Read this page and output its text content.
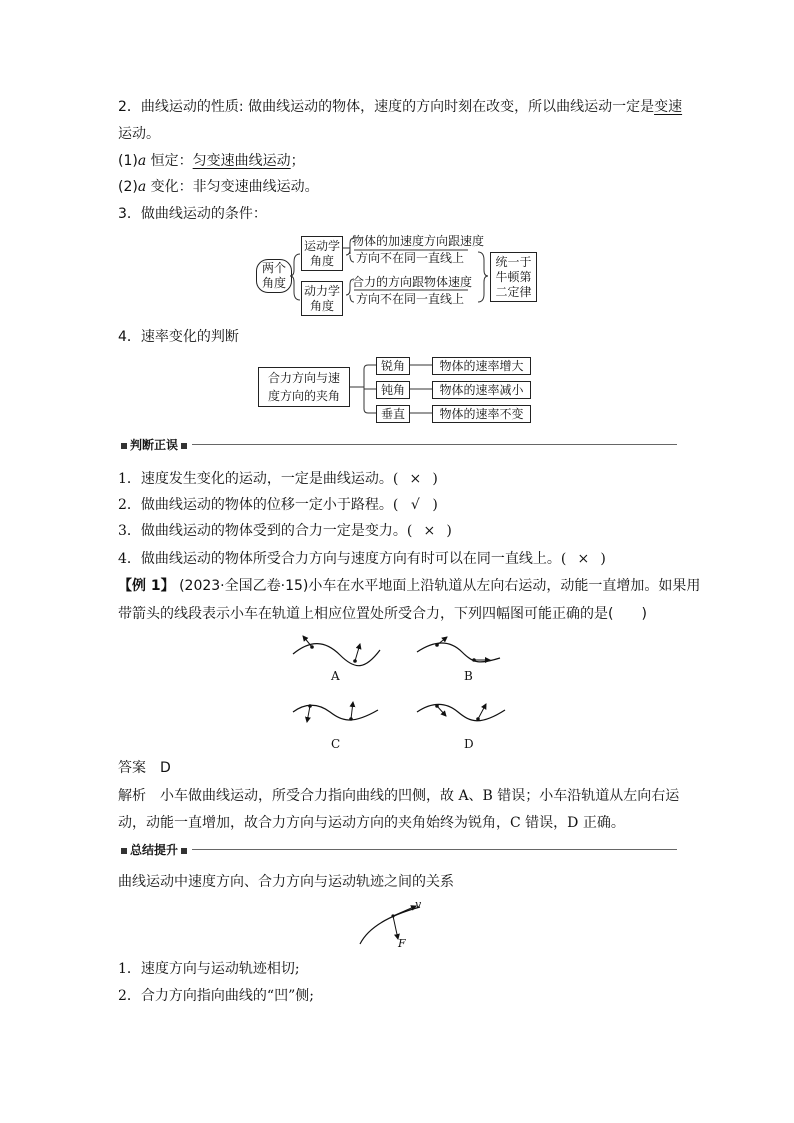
2．曲线运动的性质: 做曲线运动的物体，速度的方向时刻在改变，所以曲线运动一定是变速
运动。
(1)a 恒定：匀变速曲线运动；
(2)a 变化：非匀变速曲线运动。
3．做曲线运动的条件：
两个角度
运动学角度
物体的加速度方向跟速度
方向不在同一直线上
动力学角度
合力的方向跟物体速度
方向不在同一直线上
统一于牛顿第二定律
4．速率变化的判断
合力方向与速度方向的夹角
锐角	物体的速率增大
钝角	物体的速率减小
垂直	物体的速率不变
判断正误
1．速度发生变化的运动，一定是曲线运动。( × )
2．做曲线运动的物体的位移一定小于路程。( √ )
3．做曲线运动的物体受到的合力一定是变力。( × )
4．做曲线运动的物体所受合力方向与速度方向有时可以在同一直线上。( × )
【例 1】 (2023·全国乙卷·15)小车在水平地面上沿轨道从左向右运动，动能一直增加。如果用
带箭头的线段表示小车在轨道上相应位置处所受合力，下列四幅图可能正确的是(　　)
A	B
C	D
答案 D
解析 小车做曲线运动，所受合力指向曲线的凹侧，故 A、B 错误；小车沿轨道从左向右运
动，动能一直增加，故合力方向与运动方向的夹角始终为锐角，C 错误，D 正确。
总结提升
曲线运动中速度方向、合力方向与运动轨迹之间的关系
v
F
1．速度方向与运动轨迹相切;
2．合力方向指向曲线的“凹”侧;
